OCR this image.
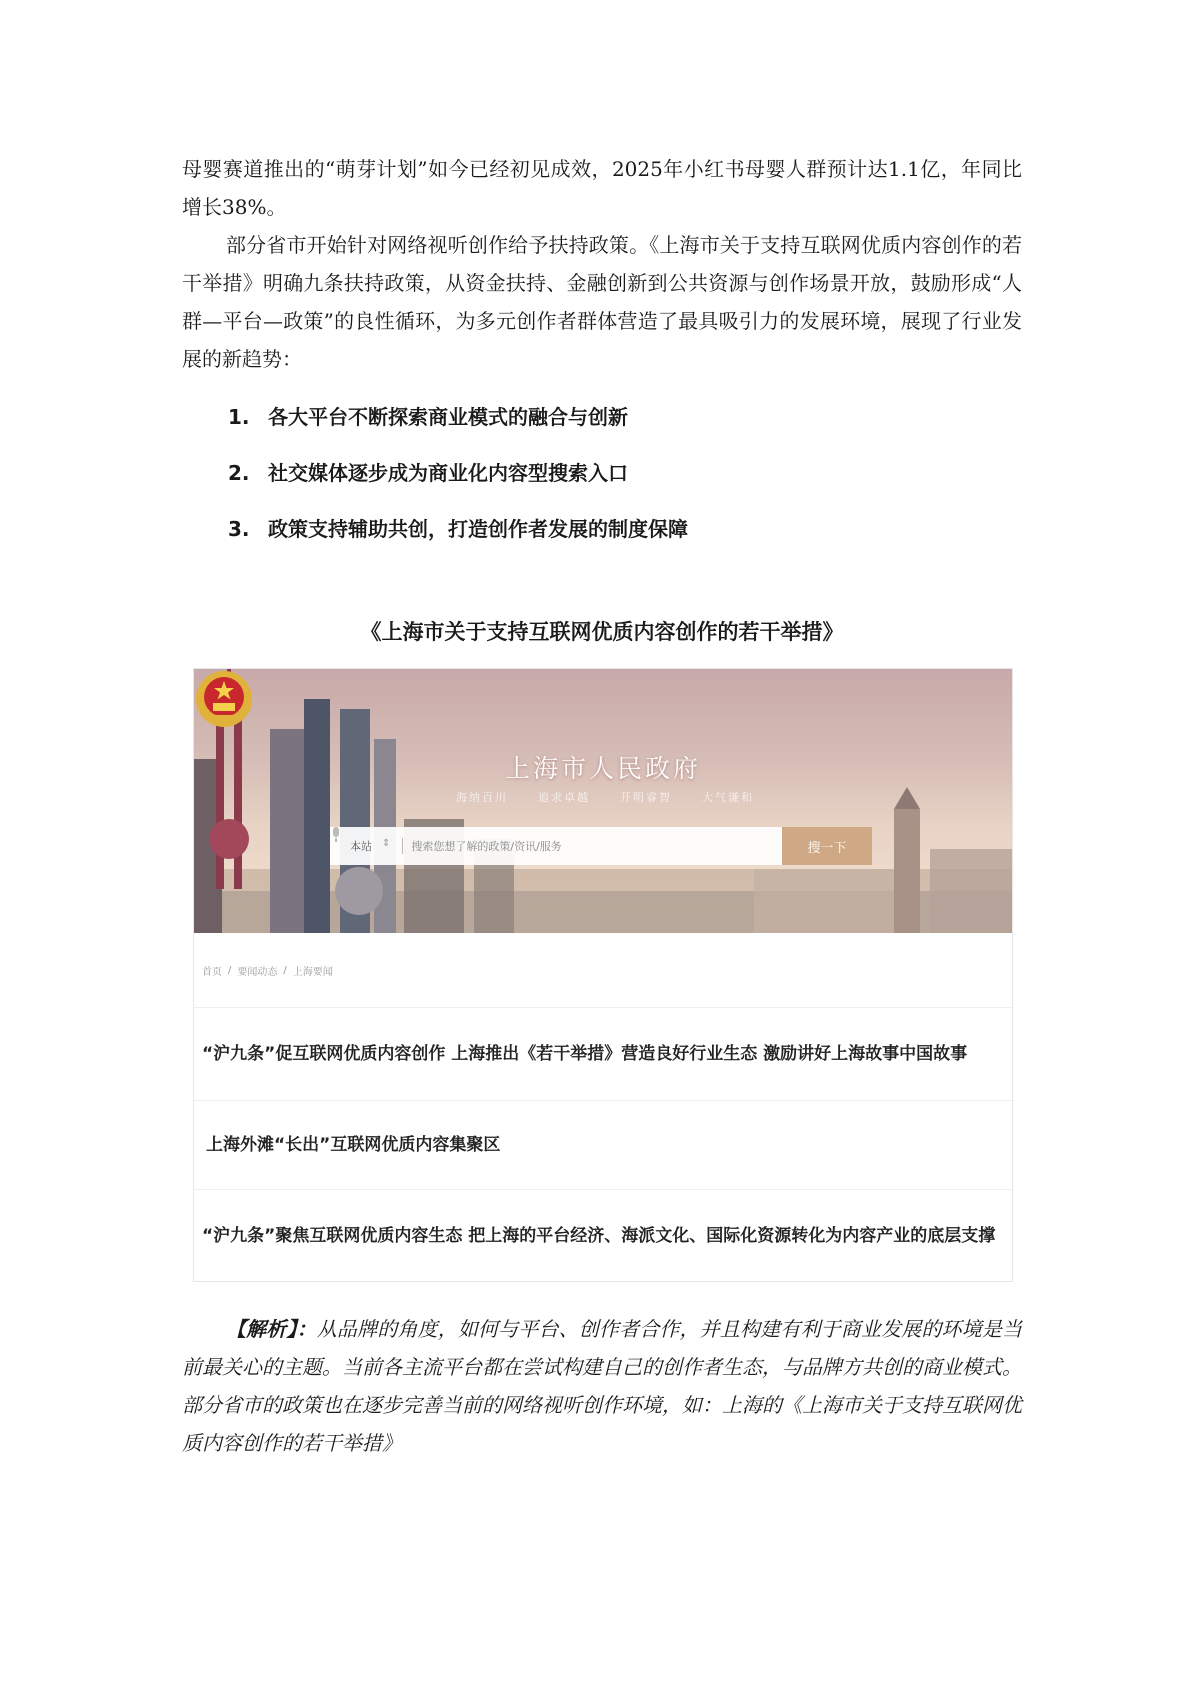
母婴赛道推出的“萌芽计划”如今已经初见成效，2025年小红书母婴人群预计达1.1亿，年同比增长38%。

部分省市开始针对网络视听创作给予扶持政策。《上海市关于支持互联网优质内容创作的若干举措》明确九条扶持政策，从资金扶持、金融创新到公共资源与创作场景开放，鼓励形成“人群—平台—政策”的良性循环，为多元创作者群体营造了最具吸引力的发展环境，展现了行业发展的新趋势：

1. 各大平台不断探索商业模式的融合与创新
2. 社交媒体逐步成为商业化内容型搜索入口
3. 政策支持辅助共创，打造创作者发展的制度保障
《上海市关于支持互联网优质内容创作的若干举措》
上海市人民政府
海纳百川	追求卓越	开明睿智	大气谦和
本站 ⇕	搜索您想了解的政策/资讯/服务	搜一下
首页 / 要闻动态 / 上海要闻
“沪九条”促互联网优质内容创作 上海推出《若干举措》营造良好行业生态 激励讲好上海故事中国故事
上海外滩“长出”互联网优质内容集聚区
“沪九条”聚焦互联网优质内容生态 把上海的平台经济、海派文化、国际化资源转化为内容产业的底层支撑

【解析】：从品牌的角度，如何与平台、创作者合作，并且构建有利于商业发展的环境是当前最关心的主题。当前各主流平台都在尝试构建自己的创作者生态，与品牌方共创的商业模式。部分省市的政策也在逐步完善当前的网络视听创作环境，如：上海的《上海市关于支持互联网优质内容创作的若干举措》
